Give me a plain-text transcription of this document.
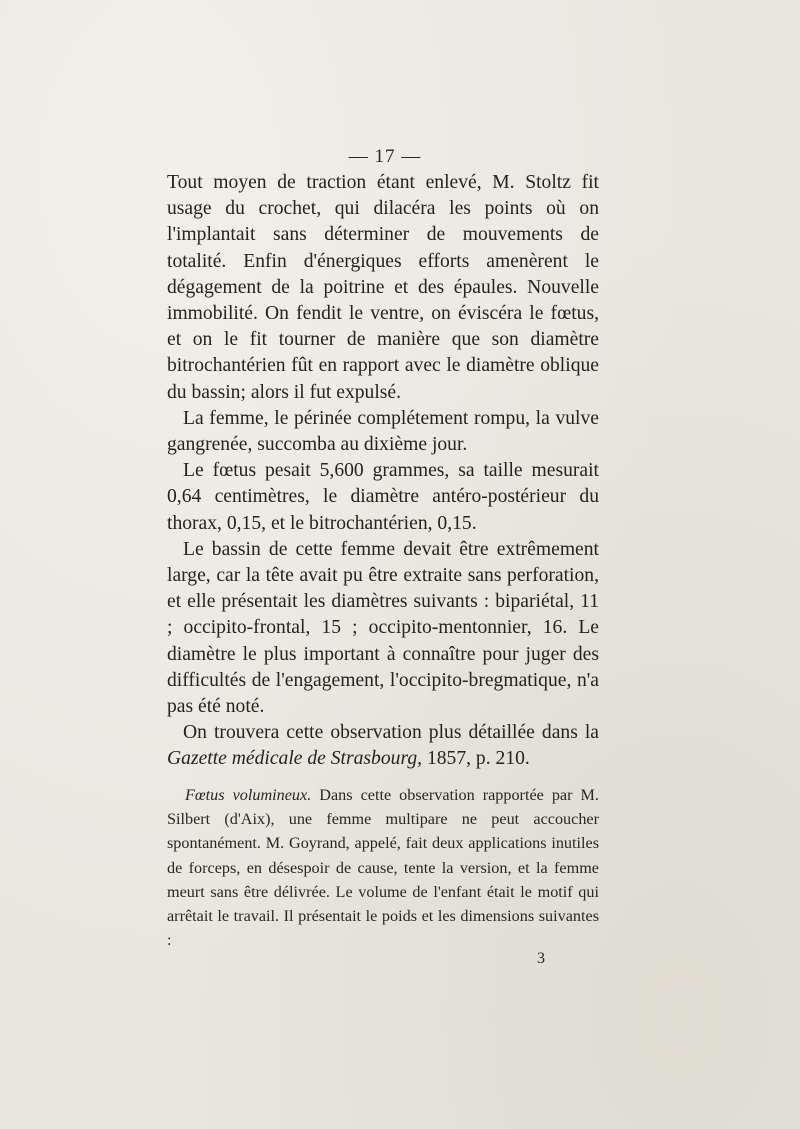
— 17 —

Tout moyen de traction étant enlevé, M. Stoltz fit usage du crochet, qui dilacéra les points où on l'implantait sans déterminer de mouvements de totalité. Enfin d'énergiques efforts amenèrent le dégagement de la poitrine et des épaules. Nouvelle immobilité. On fendit le ventre, on éviscéra le fœtus, et on le fit tourner de manière que son diamètre bitrochantérien fût en rapport avec le diamètre oblique du bassin; alors il fut expulsé.

La femme, le périnée complétement rompu, la vulve gangrenée, succomba au dixième jour.

Le fœtus pesait 5,600 grammes, sa taille mesurait 0,64 centimètres, le diamètre antéro-postérieur du thorax, 0,15, et le bitrochantérien, 0,15.

Le bassin de cette femme devait être extrêmement large, car la tête avait pu être extraite sans perforation, et elle présentait les diamètres suivants : bipariétal, 11 ; occipito-frontal, 15 ; occipito-mentonnier, 16. Le diamètre le plus important à connaître pour juger des difficultés de l'engagement, l'occipito-bregmatique, n'a pas été noté.

On trouvera cette observation plus détaillée dans la Gazette médicale de Strasbourg, 1857, p. 210.

Fœtus volumineux. Dans cette observation rapportée par M. Silbert (d'Aix), une femme multipare ne peut accoucher spontanément. M. Goyrand, appelé, fait deux applications inutiles de forceps, en désespoir de cause, tente la version, et la femme meurt sans être délivrée. Le volume de l'enfant était le motif qui arrêtait le travail. Il présentait le poids et les dimensions suivantes :

3
